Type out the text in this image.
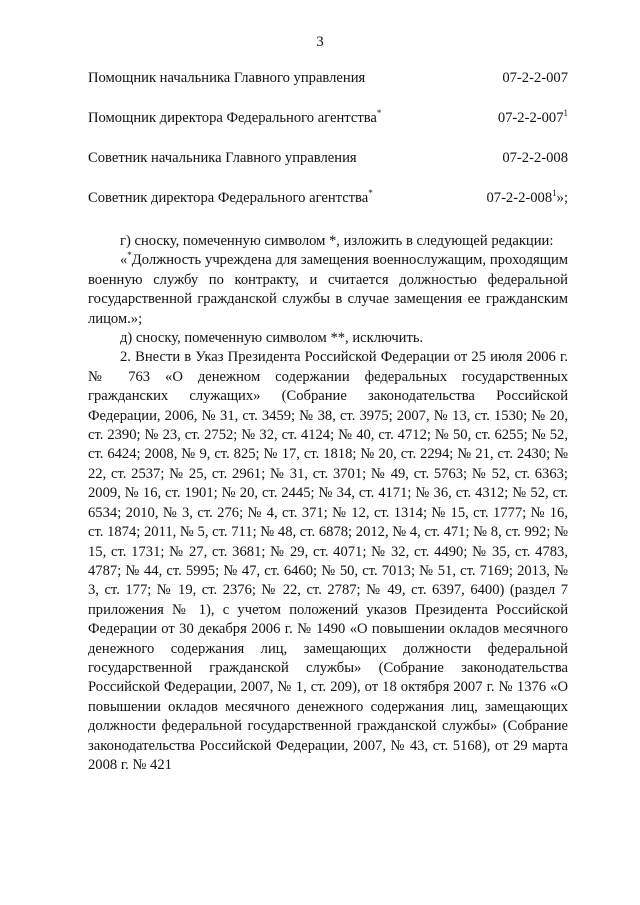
3
Помощник начальника Главного управления	07-2-2-007
Помощник директора Федерального агентства*	$07-2-2-007^1$
Советник начальника Главного управления	07-2-2-008
Советник директора Федерального агентства*	$07-2-2-008^1$»;

г) сноску, помеченную символом *, изложить в следующей редакции:

«*Должность учреждена для замещения военнослужащим, проходящим военную службу по контракту, и считается должностью федеральной государственной гражданской службы в случае замещения ее гражданским лицом.»;

д) сноску, помеченную символом **, исключить.

2. Внести в Указ Президента Российской Федерации от 25 июля 2006 г. № 763 «О денежном содержании федеральных государственных гражданских служащих» (Собрание законодательства Российской Федерации, 2006, № 31, ст. 3459; № 38, ст. 3975; 2007, № 13, ст. 1530; № 20, ст. 2390; № 23, ст. 2752; № 32, ст. 4124; № 40, ст. 4712; № 50, ст. 6255; № 52, ст. 6424; 2008, № 9, ст. 825; № 17, ст. 1818; № 20, ст. 2294; № 21, ст. 2430; № 22, ст. 2537; № 25, ст. 2961; № 31, ст. 3701; № 49, ст. 5763; № 52, ст. 6363; 2009, № 16, ст. 1901; № 20, ст. 2445; № 34, ст. 4171; № 36, ст. 4312; № 52, ст. 6534; 2010, № 3, ст. 276; № 4, ст. 371; № 12, ст. 1314; № 15, ст. 1777; № 16, ст. 1874; 2011, № 5, ст. 711; № 48, ст. 6878; 2012, № 4, ст. 471; № 8, ст. 992; № 15, ст. 1731; № 27, ст. 3681; № 29, ст. 4071; № 32, ст. 4490; № 35, ст. 4783, 4787; № 44, ст. 5995; № 47, ст. 6460; № 50, ст. 7013; № 51, ст. 7169; 2013, № 3, ст. 177; № 19, ст. 2376; № 22, ст. 2787; № 49, ст. 6397, 6400) (раздел 7 приложения № 1), с учетом положений указов Президента Российской Федерации от 30 декабря 2006 г. № 1490 «О повышении окладов месячного денежного содержания лиц, замещающих должности федеральной государственной гражданской службы» (Собрание законодательства Российской Федерации, 2007, № 1, ст. 209), от 18 октября 2007 г. № 1376 «О повышении окладов месячного денежного содержания лиц, замещающих должности федеральной государственной гражданской службы» (Собрание законодательства Российской Федерации, 2007, № 43, ст. 5168), от 29 марта 2008 г. № 421
